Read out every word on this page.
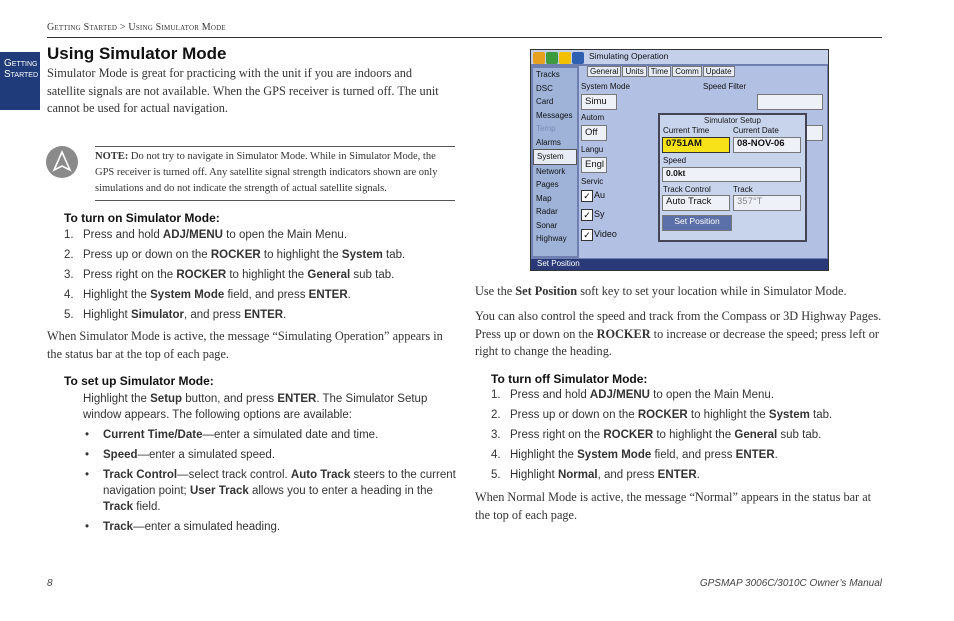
Getting Started > Using Simulator Mode
Getting Started
Using Simulator Mode

Simulator Mode is great for practicing with the unit if you are indoors and satellite signals are not available. When the GPS receiver is turned off. The unit cannot be used for actual navigation.

NOTE: Do not try to navigate in Simulator Mode. While in Simulator Mode, the GPS receiver is turned off. Any satellite signal strength indicators shown are only simulations and do not indicate the strength of actual satellite signals.
To turn on Simulator Mode:
1. Press and hold ADJ/MENU to open the Main Menu.
2. Press up or down on the ROCKER to highlight the System tab.
3. Press right on the ROCKER to highlight the General sub tab.
4. Highlight the System Mode field, and press ENTER.
5. Highlight Simulator, and press ENTER.

When Simulator Mode is active, the message “Simulating Operation” appears in the status bar at the top of each page.

To set up Simulator Mode:
Highlight the Setup button, and press ENTER. The Simulator Setup window appears. The following options are available:
• Current Time/Date—enter a simulated date and time.
• Speed—enter a simulated speed.
• Track Control—select track control. Auto Track steers to the current navigation point; User Track allows you to enter a heading in the Track field.
• Track—enter a simulated heading.
Simulating Operation
Tracks
DSC
Card
Messages
Temp
Alarms
System
Network
Pages
Map
Radar
Sonar
Highway
General Units Time Comm Update
System Mode	Speed Filter
Simu
Autom
Off
Langu
Engl
Servic
✓ Au
✓ Sy
✓ Video
Simulator Setup
Current Time	Current Date
0751AM	08-NOV-06
Speed
0.0kt
Track Control	Track
Auto Track	357°T
Set Position
Set Position

Use the Set Position soft key to set your location while in Simulator Mode.

You can also control the speed and track from the Compass or 3D Highway Pages. Press up or down on the ROCKER to increase or decrease the speed; press left or right to change the heading.

To turn off Simulator Mode:
1. Press and hold ADJ/MENU to open the Main Menu.
2. Press up or down on the ROCKER to highlight the System tab.
3. Press right on the ROCKER to highlight the General sub tab.
4. Highlight the System Mode field, and press ENTER.
5. Highlight Normal, and press ENTER.

When Normal Mode is active, the message “Normal” appears in the status bar at the top of each page.

8	GPSMAP 3006C/3010C Owner’s Manual
